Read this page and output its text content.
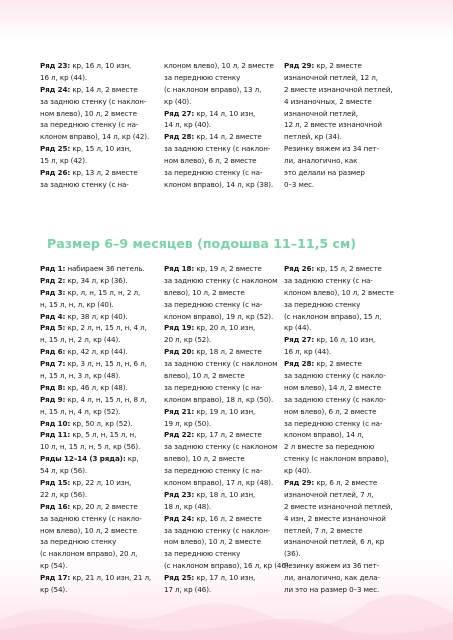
Ряд 23: кр, 16 л, 10 изн,
16 л, кр (44).
Ряд 24: кр, 14 л, 2 вместе
за заднюю стенку (с наклон-
ном влево), 10 л, 2 вместе
за переднюю стенку (с на-
клоном вправо), 14 л, кр (42).
Ряд 25: кр, 15 л, 10 изн,
15 л, кр (42).
Ряд 26: кр, 13 л, 2 вместе
за заднюю стенку (с на-
клоном влево), 10 л, 2 вместе
за переднюю стенку
(с наклоном вправо), 13 л,
кр (40).
Ряд 27: кр, 14 л, 10 изн,
14 л, кр (40).
Ряд 28: кр, 14 л, 2 вместе
за заднюю стенку (с наклон-
ном влево), 6 л, 2 вместе
за переднюю стенку (с на-
клоном вправо), 14 л, кр (38).
Ряд 29: кр, 2 вместе
изнаночной петлей, 12 л,
2 вместе изнаночной петлей,
4 изнаночных, 2 вместе
изнаночной петлей,
12 л, 2 вместе изнаночной
петлей, кр (34).
Резинку вяжем из 34 пет-
ли, аналогично, как
это делали на размер
0–3 мес.
Размер 6–9 месяцев (подошва 11–11,5 см)
Ряд 1: набираем 36 петель.
Ряд 2: кр, 34 л, кр (36).
Ряд 3: кр, л, н, 15 л, н, 2 л,
н, 15 л, н, л, кр (40).
Ряд 4: кр, 38 л, кр (40).
Ряд 5: кр, 2 л, н, 15 л, н, 4 л,
н, 15 л, н, 2 л, кр (44).
Ряд 6: кр, 42 л, кр (44).
Ряд 7: кр, 3 л, н, 15 л, н, 6 л,
н, 15 л, н, 3 л, кр (48).
Ряд 8: кр, 46 л, кр (48).
Ряд 9: кр, 4 л, н, 15 л, н, 8 л,
н, 15 л, н, 4 л, кр (52).
Ряд 10: кр, 50 л, кр (52).
Ряд 11: кр, 5 л, н, 15 л, н,
10 л, н, 15 л, н, 5 л, кр (56).
Ряды 12–14 (3 ряда): кр,
54 л, кр (56).
Ряд 15: кр, 22 л, 10 изн,
22 л, кр (56).
Ряд 16: кр, 20 л, 2 вместе
за заднюю стенку (с накло-
ном влево), 10 л, 2 вместе
за переднюю стенку
(с наклоном вправо), 20 л,
кр (54).
Ряд 17: кр, 21 л, 10 изн, 21 л,
кр (54).
Ряд 18: кр, 19 л, 2 вместе
за заднюю стенку (с наклоном
влево), 10 л, 2 вместе
за переднюю стенку (с на-
клоном вправо), 19 л, кр (52).
Ряд 19: кр, 20 л, 10 изн,
20 л, кр (52).
Ряд 20: кр, 18 л, 2 вместе
за заднюю стенку (с наклоном
влево), 10 л, 2 вместе
за переднюю стенку (с на-
клоном вправо), 18 л, кр (50).
Ряд 21: кр, 19 л, 10 изн,
19 л, кр (50).
Ряд 22: кр, 17 л, 2 вместе
за заднюю стенку (с наклоном
влево), 10 л, 2 вместе
за переднюю стенку (с на-
клоном вправо), 17 л, кр (48).
Ряд 23: кр, 18 л, 10 изн,
18 л, кр (48).
Ряд 24: кр, 16 л, 2 вместе
за заднюю стенку (с наклон-
ном влево), 10 л, 2 вместе
за переднюю стенку
(с наклоном вправо), 16 л, кр (46).
Ряд 25: кр, 17 л, 10 изн,
17 л, кр (46).
Ряд 26: кр, 15 л, 2 вместе
за заднюю стенку (с на-
клоном влево), 10 л, 2 вместе
за переднюю стенку
(с наклоном вправо), 15 л,
кр (44).
Ряд 27: кр, 16 л, 10 изн,
16 л, кр (44).
Ряд 28: кр, 2 вместе
за заднюю стенку (с накло-
ном влево), 14 л, 2 вместе
за заднюю стенку (с накло-
ном влево), 6 л, 2 вместе
за переднюю стенку (с на-
клоном вправо), 14 л,
2 л вместе за переднюю
стенку (с наклоном вправо),
кр (40).
Ряд 29: кр, 6 л, 2 вместе
изнаночной петлей, 7 л,
2 вместе изнаночной петлей,
4 изн, 2 вместе изнаночной
петлей, 7 л, 2 вместе
изнаночной петлей, 6 л, кр
(36).
Резинку вяжем из 36 пет-
ли, аналогично, как дела-
ли это на размер 0–3 мес.
